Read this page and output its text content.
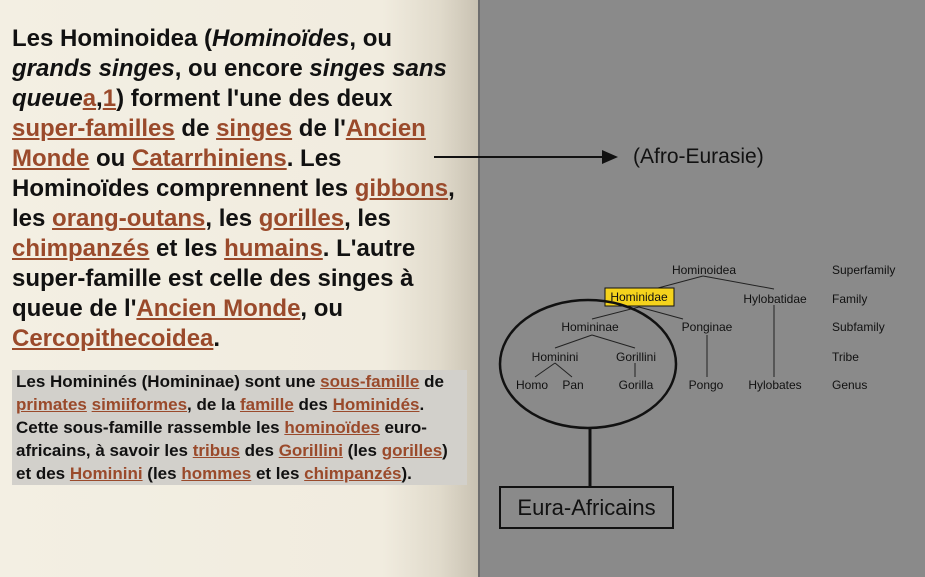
Les Hominoidea (Hominoïdes, ou grands singes, ou encore singes sans queuea,1) forment l'une des deux super-familles de singes de l'Ancien Monde ou Catarrhiniens. Les Hominoïdes comprennent les gibbons, les orang-outans, les gorilles, les chimpanzés et les humains. L'autre super-famille est celle des singes à queue de l'Ancien Monde, ou Cercopithecoidea.

Les Homininés (Homininae) sont une sous-famille de primates simiiformes, de la famille des Hominidés. Cette sous-famille rassemble les hominoïdes euro-africains, à savoir les tribus des Gorillini (les gorilles) et des Hominini (les hommes et les chimpanzés).

(Afro-Eurasie)

Hominoidea
Hominidae	Hylobatidae
Homininae	Ponginae
Hominini	Gorillini
Homo Pan	Gorilla	Pongo Hylobates
Superfamily
Family
Subfamily
Tribe
Genus
Eura-Africains
